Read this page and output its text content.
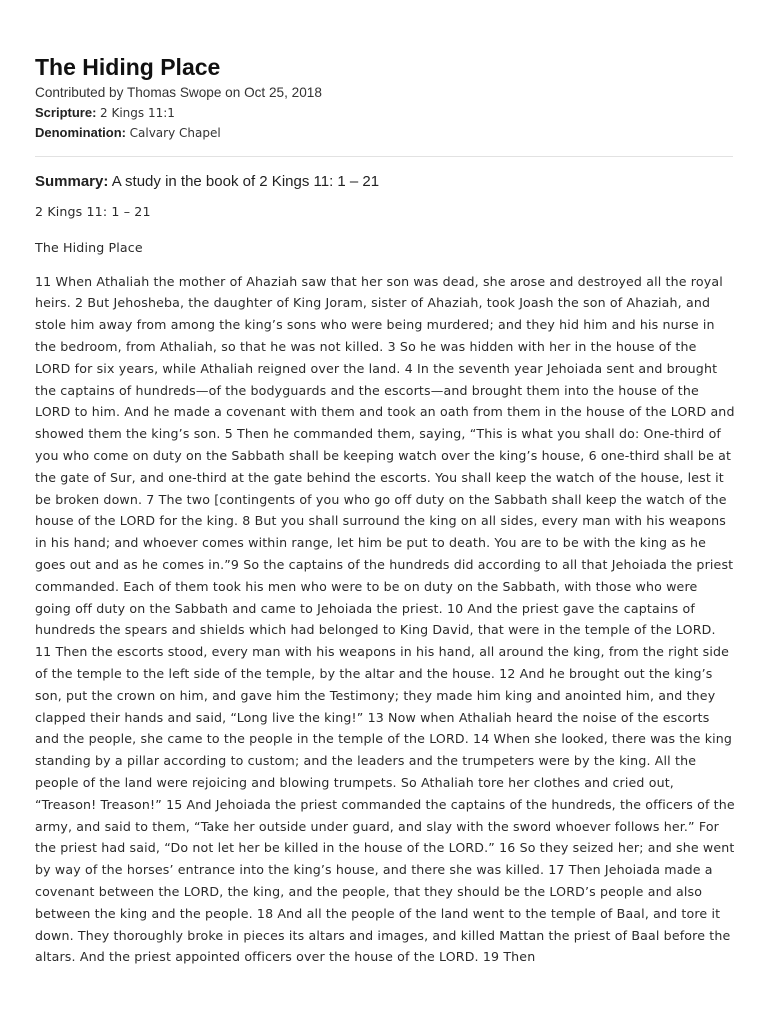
The Hiding Place
Contributed by Thomas Swope on Oct 25, 2018
Scripture: 2 Kings 11:1
Denomination: Calvary Chapel
Summary: A study in the book of 2 Kings 11: 1 – 21

2 Kings 11: 1 – 21

The Hiding Place

11 When Athaliah the mother of Ahaziah saw that her son was dead, she arose and destroyed all the royal heirs. 2 But Jehosheba, the daughter of King Joram, sister of Ahaziah, took Joash the son of Ahaziah, and stole him away from among the king’s sons who were being murdered; and they hid him and his nurse in the bedroom, from Athaliah, so that he was not killed. 3 So he was hidden with her in the house of the LORD for six years, while Athaliah reigned over the land. 4 In the seventh year Jehoiada sent and brought the captains of hundreds—of the bodyguards and the escorts—and brought them into the house of the LORD to him. And he made a covenant with them and took an oath from them in the house of the LORD and showed them the king’s son. 5 Then he commanded them, saying, “This is what you shall do: One-third of you who come on duty on the Sabbath shall be keeping watch over the king’s house, 6 one-third shall be at the gate of Sur, and one-third at the gate behind the escorts. You shall keep the watch of the house, lest it be broken down. 7 The two [contingents of you who go off duty on the Sabbath shall keep the watch of the house of the LORD for the king. 8 But you shall surround the king on all sides, every man with his weapons in his hand; and whoever comes within range, let him be put to death. You are to be with the king as he goes out and as he comes in.”9 So the captains of the hundreds did according to all that Jehoiada the priest commanded. Each of them took his men who were to be on duty on the Sabbath, with those who were going off duty on the Sabbath and came to Jehoiada the priest. 10 And the priest gave the captains of hundreds the spears and shields which had belonged to King David, that were in the temple of the LORD. 11 Then the escorts stood, every man with his weapons in his hand, all around the king, from the right side of the temple to the left side of the temple, by the altar and the house. 12 And he brought out the king’s son, put the crown on him, and gave him the Testimony; they made him king and anointed him, and they clapped their hands and said, “Long live the king!” 13 Now when Athaliah heard the noise of the escorts and the people, she came to the people in the temple of the LORD. 14 When she looked, there was the king standing by a pillar according to custom; and the leaders and the trumpeters were by the king. All the people of the land were rejoicing and blowing trumpets. So Athaliah tore her clothes and cried out, “Treason! Treason!” 15 And Jehoiada the priest commanded the captains of the hundreds, the officers of the army, and said to them, “Take her outside under guard, and slay with the sword whoever follows her.” For the priest had said, “Do not let her be killed in the house of the LORD.” 16 So they seized her; and she went by way of the horses’ entrance into the king’s house, and there she was killed. 17 Then Jehoiada made a covenant between the LORD, the king, and the people, that they should be the LORD’s people and also between the king and the people. 18 And all the people of the land went to the temple of Baal, and tore it down. They thoroughly broke in pieces its altars and images, and killed Mattan the priest of Baal before the altars. And the priest appointed officers over the house of the LORD. 19 Then
